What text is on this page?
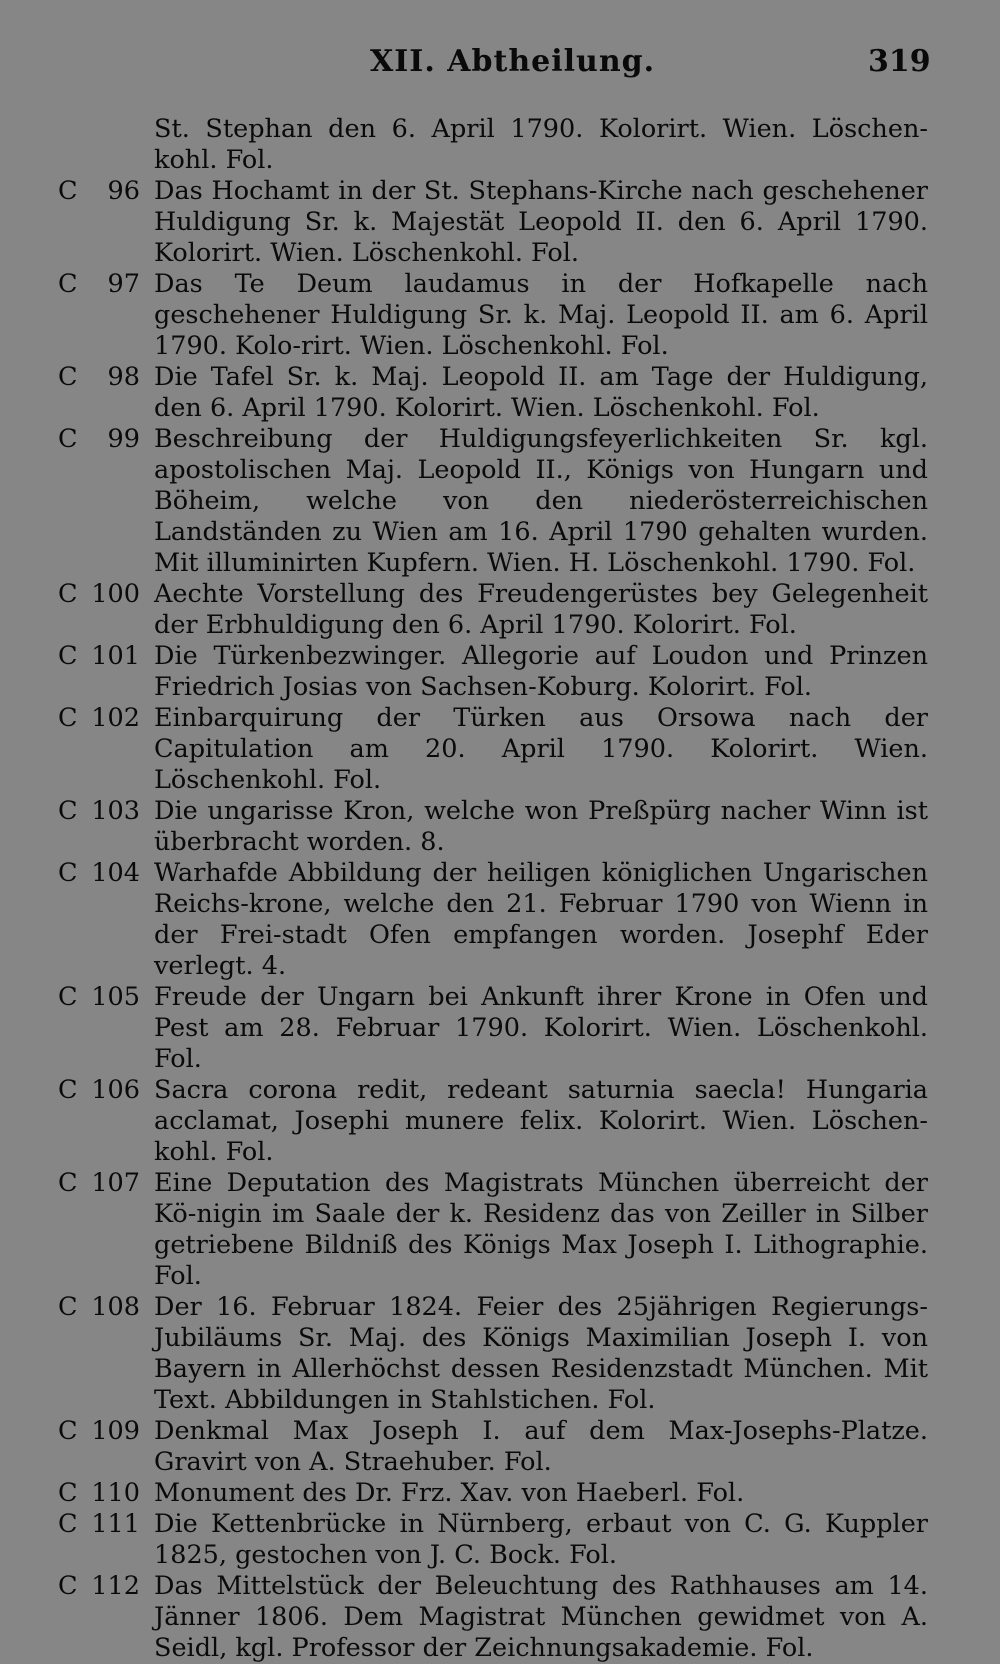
XII. Abtheilung.	319
St. Stephan den 6. April 1790. Kolorirt. Wien. Löschen-kohl. Fol.
C 96 Das Hochamt in der St. Stephans-Kirche nach geschehener Huldigung Sr. k. Majestät Leopold II. den 6. April 1790. Kolorirt. Wien. Löschenkohl. Fol.
C 97 Das Te Deum laudamus in der Hofkapelle nach geschehener Huldigung Sr. k. Maj. Leopold II. am 6. April 1790. Kolo-rirt. Wien. Löschenkohl. Fol.
C 98 Die Tafel Sr. k. Maj. Leopold II. am Tage der Huldigung, den 6. April 1790. Kolorirt. Wien. Löschenkohl. Fol.
C 99 Beschreibung der Huldigungsfeyerlichkeiten Sr. kgl. apostolischen Maj. Leopold II., Königs von Hungarn und Böheim, welche von den niederösterreichischen Landständen zu Wien am 16. April 1790 gehalten wurden. Mit illuminirten Kupfern. Wien. H. Löschenkohl. 1790. Fol.
C 100 Aechte Vorstellung des Freudengerüstes bey Gelegenheit der Erbhuldigung den 6. April 1790. Kolorirt. Fol.
C 101 Die Türkenbezwinger. Allegorie auf Loudon und Prinzen Friedrich Josias von Sachsen-Koburg. Kolorirt. Fol.
C 102 Einbarquirung der Türken aus Orsowa nach der Capitulation am 20. April 1790. Kolorirt. Wien. Löschenkohl. Fol.
C 103 Die ungarisse Kron, welche won Preßpürg nacher Winn ist überbracht worden. 8.
C 104 Warhafde Abbildung der heiligen königlichen Ungarischen Reichs-krone, welche den 21. Februar 1790 von Wienn in der Frei-stadt Ofen empfangen worden. Josephf Eder verlegt. 4.
C 105 Freude der Ungarn bei Ankunft ihrer Krone in Ofen und Pest am 28. Februar 1790. Kolorirt. Wien. Löschenkohl. Fol.
C 106 Sacra corona redit, redeant saturnia saecla! Hungaria acclamat, Josephi munere felix. Kolorirt. Wien. Löschen-kohl. Fol.
C 107 Eine Deputation des Magistrats München überreicht der Kö-nigin im Saale der k. Residenz das von Zeiller in Silber getriebene Bildniß des Königs Max Joseph I. Lithographie. Fol.
C 108 Der 16. Februar 1824. Feier des 25jährigen Regierungs-Jubiläums Sr. Maj. des Königs Maximilian Joseph I. von Bayern in Allerhöchst dessen Residenzstadt München. Mit Text. Abbildungen in Stahlstichen. Fol.
C 109 Denkmal Max Joseph I. auf dem Max-Josephs-Platze. Gravirt von A. Straehuber. Fol.
C 110 Monument des Dr. Frz. Xav. von Haeberl. Fol.
C 111 Die Kettenbrücke in Nürnberg, erbaut von C. G. Kuppler 1825, gestochen von J. C. Bock. Fol.
C 112 Das Mittelstück der Beleuchtung des Rathhauses am 14. Jänner 1806. Dem Magistrat München gewidmet von A. Seidl, kgl. Professor der Zeichnungsakademie. Fol.
